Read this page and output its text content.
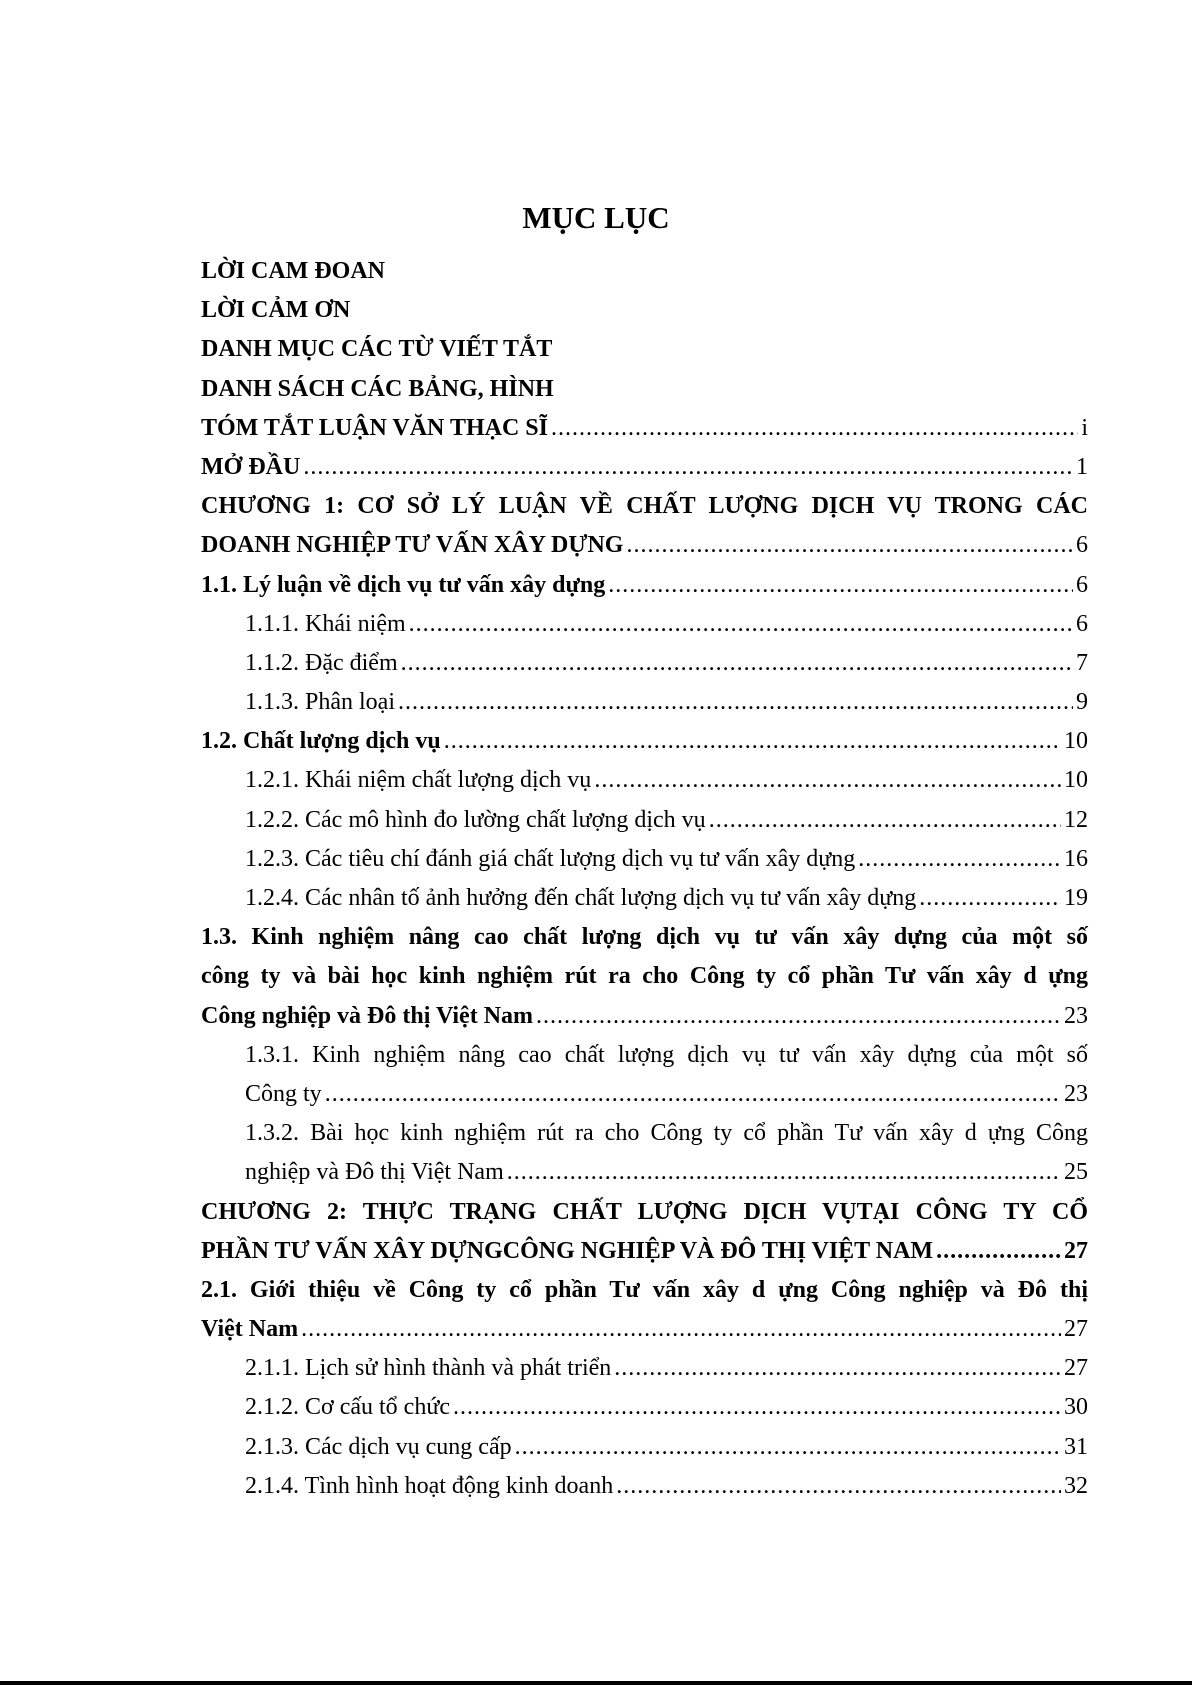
MỤC LỤC
LỜI CAM ĐOAN
LỜI CẢM ƠN
DANH MỤC CÁC TỪ VIẾT TẮT
DANH SÁCH CÁC BẢNG, HÌNH
TÓM TẮT LUẬN VĂN THẠC SĨ .....	i
MỞ ĐẦU .....	1
CHƯƠNG 1: CƠ SỞ LÝ LUẬN VỀ CHẤT LƯỢNG DỊCH VỤ TRONG CÁC
DOANH NGHIỆP TƯ VẤN XÂY DỰNG .....	6
1.1. Lý luận về dịch vụ tư vấn xây dựng .....	6
1.1.1. Khái niệm .....	6
1.1.2. Đặc điểm .....	7
1.1.3. Phân loại .....	9
1.2. Chất lượng dịch vụ .....	10
1.2.1. Khái niệm chất lượng dịch vụ .....	10
1.2.2. Các mô hình đo lường chất lượng dịch vụ .....	12
1.2.3. Các tiêu chí đánh giá chất lượng dịch vụ tư vấn xây dựng .....	16
1.2.4. Các nhân tố ảnh hưởng đến chất lượng dịch vụ tư vấn xây dựng .....	19
1.3. Kinh nghiệm nâng cao chất lượng dịch vụ tư vấn xây dựng của một số
công ty và bài học kinh nghiệm rút ra cho Công ty cổ phần Tư vấn xây d ựng
Công nghiệp và Đô thị Việt Nam .....	23
1.3.1. Kinh nghiệm nâng cao chất lượng dịch vụ tư vấn xây dựng của một số
Công ty .....	23
1.3.2. Bài học kinh nghiệm rút ra cho Công ty cổ phần Tư vấn xây d ựng Công
nghiệp và Đô thị Việt Nam .....	25
CHƯƠNG 2: THỰC TRẠNG CHẤT LƯỢNG DỊCH VỤTẠI CÔNG TY CỔ
PHẦN TƯ VẤN XÂY DỰNGCÔNG NGHIỆP VÀ ĐÔ THỊ VIỆT NAM .....	27
2.1. Giới thiệu về Công ty cổ phần Tư vấn xây d ựng Công nghiệp và Đô thị
Việt Nam .....	27
2.1.1. Lịch sử hình thành và phát triển .....	27
2.1.2. Cơ cấu tổ chức .....	30
2.1.3. Các dịch vụ cung cấp .....	31
2.1.4. Tình hình hoạt động kinh doanh .....	32
